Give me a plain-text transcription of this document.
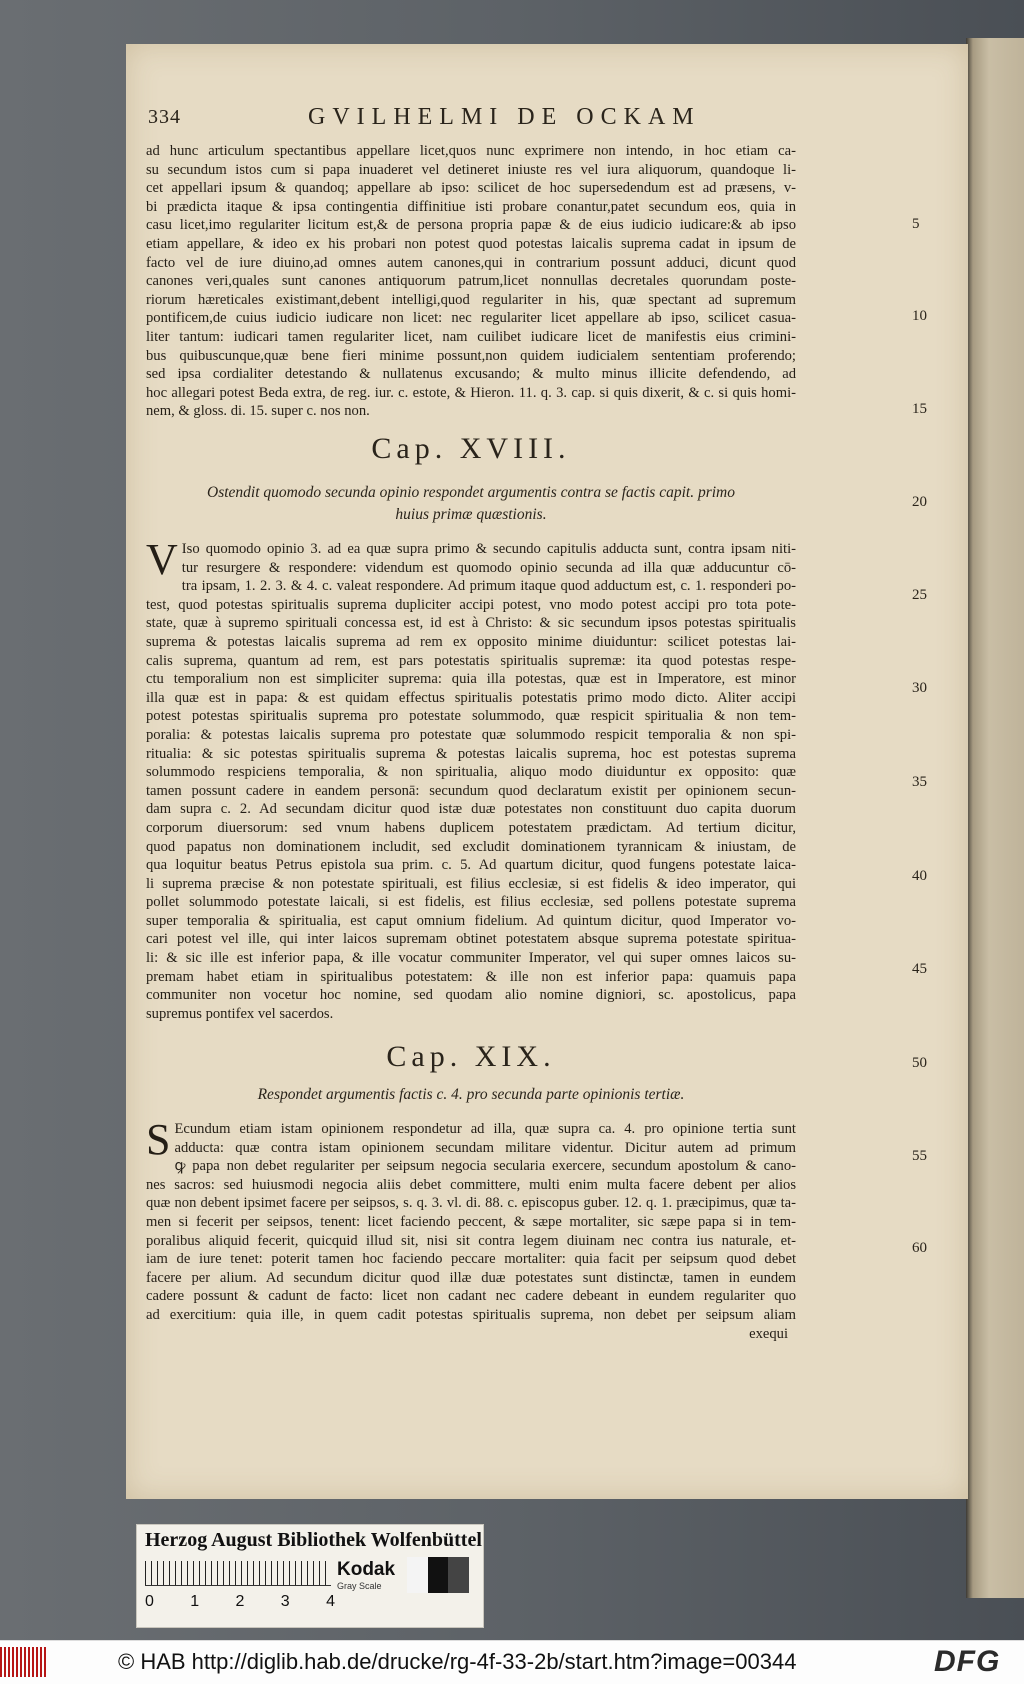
334	GVILHELMI DE OCKAM
ad hunc articulum spectantibus appellare licet,quos nunc exprimere non intendo, in hoc etiam ca-
su secundum istos cum si papa inuaderet vel detineret iniuste res vel iura aliquorum, quandoque li-
cet appellari ipsum & quandoq; appellare ab ipso: scilicet de hoc supersedendum est ad præsens, v-
bi prædicta itaque & ipsa contingentia diffinitiue isti probare conantur,patet secundum eos, quia in
casu licet,imo regulariter licitum est,& de persona propria papæ & de eius iudicio iudicare:& ab ipso
etiam appellare, & ideo ex his probari non potest quod potestas laicalis suprema cadat in ipsum de
facto vel de iure diuino,ad omnes autem canones,qui in contrarium possunt adduci, dicunt quod
canones veri,quales sunt canones antiquorum patrum,licet nonnullas decretales quorundam poste-
riorum hæreticales existimant,debent intelligi,quod regulariter in his, quæ spectant ad supremum
pontificem,de cuius iudicio iudicare non licet: nec regulariter licet appellare ab ipso, scilicet casua-
liter tantum: iudicari tamen regulariter licet, nam cuilibet iudicare licet de manifestis eius crimini-
bus quibuscunque,quæ bene fieri minime possunt,non quidem iudicialem sententiam proferendo;
sed ipsa cordialiter detestando & nullatenus excusando; & multo minus illicite defendendo, ad
hoc allegari potest Beda extra, de reg. iur. c. estote, & Hieron. 11. q. 3. cap. si quis dixerit, & c. si quis homi-
nem, & gloss. di. 15. super c. nos non.
Cap. XVIII.
Ostendit quomodo secunda opinio respondet argumentis contra se factis capit. primo
huius primæ quæstionis.
V Iso quomodo opinio 3. ad ea quæ supra primo & secundo capitulis adducta sunt, contra ipsam niti-
tur resurgere & respondere: videndum est quomodo opinio secunda ad illa quæ adducuntur cō-
tra ipsam, 1. 2. 3. & 4. c. valeat respondere. Ad primum itaque quod adductum est, c. 1. responderi po-
test, quod potestas spiritualis suprema dupliciter accipi potest, vno modo potest accipi pro tota pote-
state, quæ à supremo spirituali concessa est, id est à Christo: & sic secundum ipsos potestas spiritualis
suprema & potestas laicalis suprema ad rem ex opposito minime diuiduntur: scilicet potestas lai-
calis suprema, quantum ad rem, est pars potestatis spiritualis supremæ: ita quod potestas respe-
ctu temporalium non est simpliciter suprema: quia illa potestas, quæ est in Imperatore, est minor
illa quæ est in papa: & est quidam effectus spiritualis potestatis primo modo dicto. Aliter accipi
potest potestas spiritualis suprema pro potestate solummodo, quæ respicit spiritualia & non tem-
poralia: & potestas laicalis suprema pro potestate quæ solummodo respicit temporalia & non spi-
ritualia: & sic potestas spiritualis suprema & potestas laicalis suprema, hoc est potestas suprema
solummodo respiciens temporalia, & non spiritualia, aliquo modo diuiduntur ex opposito: quæ
tamen possunt cadere in eandem personā: secundum quod declaratum existit per opinionem secun-
dam supra c. 2. Ad secundam dicitur quod istæ duæ potestates non constituunt duo capita duorum
corporum diuersorum: sed vnum habens duplicem potestatem prædictam. Ad tertium dicitur,
quod papatus non dominationem includit, sed excludit dominationem tyrannicam & iniustam, de
qua loquitur beatus Petrus epistola sua prim. c. 5. Ad quartum dicitur, quod fungens potestate laica-
li suprema præcise & non potestate spirituali, est filius ecclesiæ, si est fidelis & ideo imperator, qui
pollet solummodo potestate laicali, si est fidelis, est filius ecclesiæ, sed pollens potestate suprema
super temporalia & spiritualia, est caput omnium fidelium. Ad quintum dicitur, quod Imperator vo-
cari potest vel ille, qui inter laicos supremam obtinet potestatem absque suprema potestate spiritua-
li: & sic ille est inferior papa, & ille vocatur communiter Imperator, vel qui super omnes laicos su-
premam habet etiam in spiritualibus potestatem: & ille non est inferior papa: quamuis papa
communiter non vocetur hoc nomine, sed quodam alio nomine digniori, sc. apostolicus, papa
supremus pontifex vel sacerdos.
Cap. XIX.
Respondet argumentis factis c. 4. pro secunda parte opinionis tertiæ.
S Ecundum etiam istam opinionem respondetur ad illa, quæ supra ca. 4. pro opinione tertia sunt
adducta: quæ contra istam opinionem secundam militare videntur. Dicitur autem ad primum
ꝙ papa non debet regulariter per seipsum negocia secularia exercere, secundum apostolum & cano-
nes sacros: sed huiusmodi negocia aliis debet committere, multi enim multa facere debent per alios
quæ non debent ipsimet facere per seipsos, s. q. 3. vl. di. 88. c. episcopus guber. 12. q. 1. præcipimus, quæ ta-
men si fecerit per seipsos, tenent: licet faciendo peccent, & sæpe mortaliter, sic sæpe papa si in tem-
poralibus aliquid fecerit, quicquid illud sit, nisi sit contra legem diuinam nec contra ius naturale, et-
iam de iure tenet: poterit tamen hoc faciendo peccare mortaliter: quia facit per seipsum quod debet
facere per alium. Ad secundum dicitur quod illæ duæ potestates sunt distinctæ, tamen in eundem
cadere possunt & cadunt de facto: licet non cadant nec cadere debeant in eundem regulariter quo
ad exercitium: quia ille, in quem cadit potestas spiritualis suprema, non debet per seipsum aliam
exequi
5
10
15
20
25
30
35
40
45
50
55
60
Herzog August Bibliothek Wolfenbüttel
0 1 2 3 4
Kodak
Gray Scale
© HAB http://diglib.hab.de/drucke/rg-4f-33-2b/start.htm?image=00344	DFG
